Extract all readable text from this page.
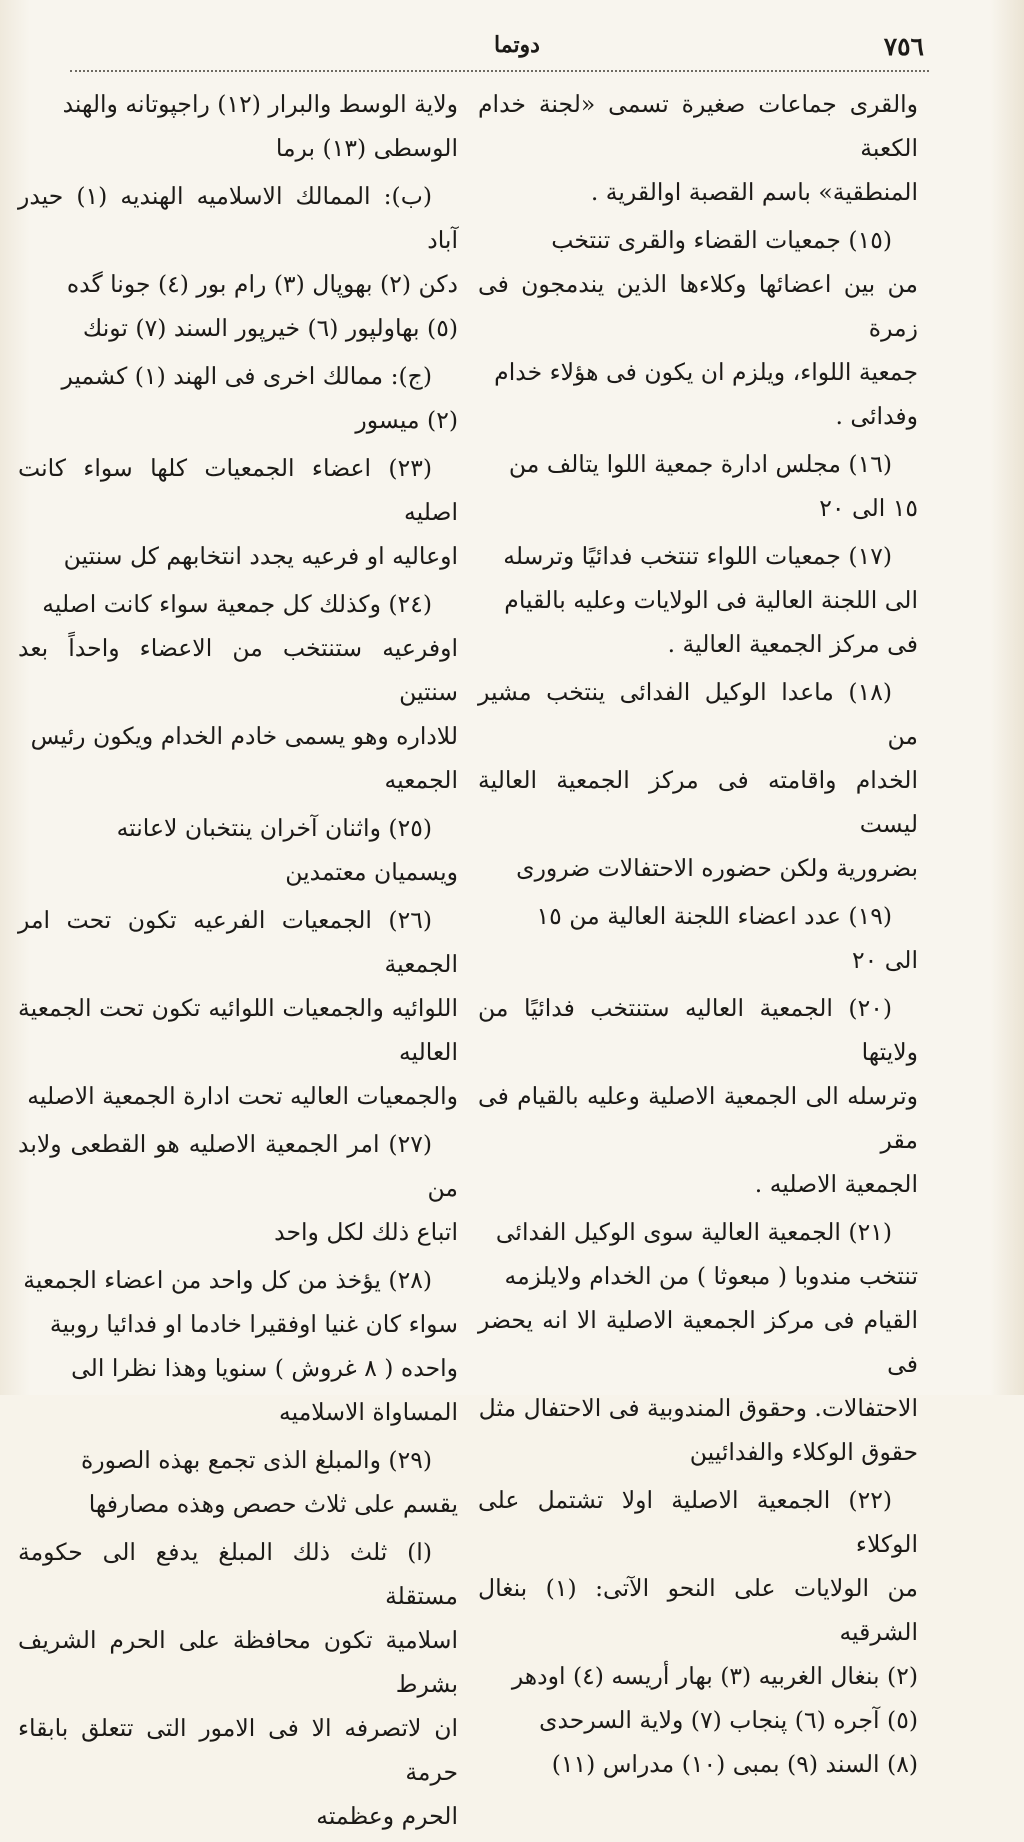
٧٥٦
دوتما

والقرى جماعات صغيرة تسمى «لجنة خدام الكعبة
المنطقية» باسم القصبة اوالقرية .

(١٥) جمعيات القضاء والقرى تنتخب
من بين اعضائها وكلاءها الذين يندمجون فى زمرة
جمعية اللواء، ويلزم ان يكون فى هؤلاء خدام
وفدائى .

(١٦) مجلس ادارة جمعية اللوا يتالف من
١٥ الى ٢٠

(١٧) جمعيات اللواء تنتخب فدائيًا وترسله
الى اللجنة العالية فى الولايات وعليه بالقيام
فى مركز الجمعية العالية .

(١٨) ماعدا الوكيل الفدائى ينتخب مشير من
الخدام واقامته فى مركز الجمعية العالية ليست
بضرورية ولكن حضوره الاحتفالات ضرورى

(١٩) عدد اعضاء اللجنة العالية من ١٥
الى ٢٠

(٢٠) الجمعية العاليه ستنتخب فدائيًا من ولايتها
وترسله الى الجمعية الاصلية وعليه بالقيام فى مقر
الجمعية الاصليه .

(٢١) الجمعية العالية سوى الوكيل الفدائى
تنتخب مندوبا ( مبعوثا ) من الخدام ولايلزمه
القيام فى مركز الجمعية الاصلية الا انه يحضر فى
الاحتفالات. وحقوق المندوبية فى الاحتفال مثل
حقوق الوكلاء والفدائيين

(٢٢) الجمعية الاصلية اولا تشتمل على الوكلاء
من الولايات على النحو الآتى: (١) بنغال الشرقيه
(٢) بنغال الغربيه (٣) بهار أريسه (٤) اودهر
(٥) آجره (٦) پنجاب (٧) ولاية السرحدى
(٨) السند (٩) بمبى (١٠) مدراس (١١)

ولاية الوسط والبرار (١٢) راجپوتانه والهند
الوسطى (١٣) برما

(ب): الممالك الاسلاميه الهنديه (١) حيدر آباد
دكن (٢) بهوپال (٣) رام بور (٤) جونا گده
(٥) بهاولپور (٦) خيرپور السند (٧) تونك

(ج): ممالك اخرى فى الهند (١) كشمير
(٢) ميسور

(٢٣) اعضاء الجمعيات كلها سواء كانت اصليه
اوعاليه او فرعيه يجدد انتخابهم كل سنتين

(٢٤) وكذلك كل جمعية سواء كانت اصليه
اوفرعيه ستنتخب من الاعضاء واحداً بعد سنتين
للاداره وهو يسمى خادم الخدام ويكون رئيس
الجمعيه

(٢٥) واثنان آخران ينتخبان لاعانته
ويسميان معتمدين

(٢٦) الجمعيات الفرعيه تكون تحت امر الجمعية
اللوائيه والجمعيات اللوائيه تكون تحت الجمعية العاليه
والجمعيات العاليه تحت ادارة الجمعية الاصليه

(٢٧) امر الجمعية الاصليه هو القطعى ولابد من
اتباع ذلك لكل واحد

(٢٨) يؤخذ من كل واحد من اعضاء الجمعية
سواء كان غنيا اوفقيرا خادما او فدائيا روبية
واحده ( ٨ غروش ) سنويا وهذا نظرا الى
المساواة الاسلاميه

(٢٩) والمبلغ الذى تجمع بهذه الصورة
يقسم على ثلاث حصص وهذه مصارفها

(ا) ثلث ذلك المبلغ يدفع الى حكومة مستقلة
اسلامية تكون محافظة على الحرم الشريف بشرط
ان لاتصرفه الا فى الامور التى تتعلق بابقاء حرمة
الحرم وعظمته
